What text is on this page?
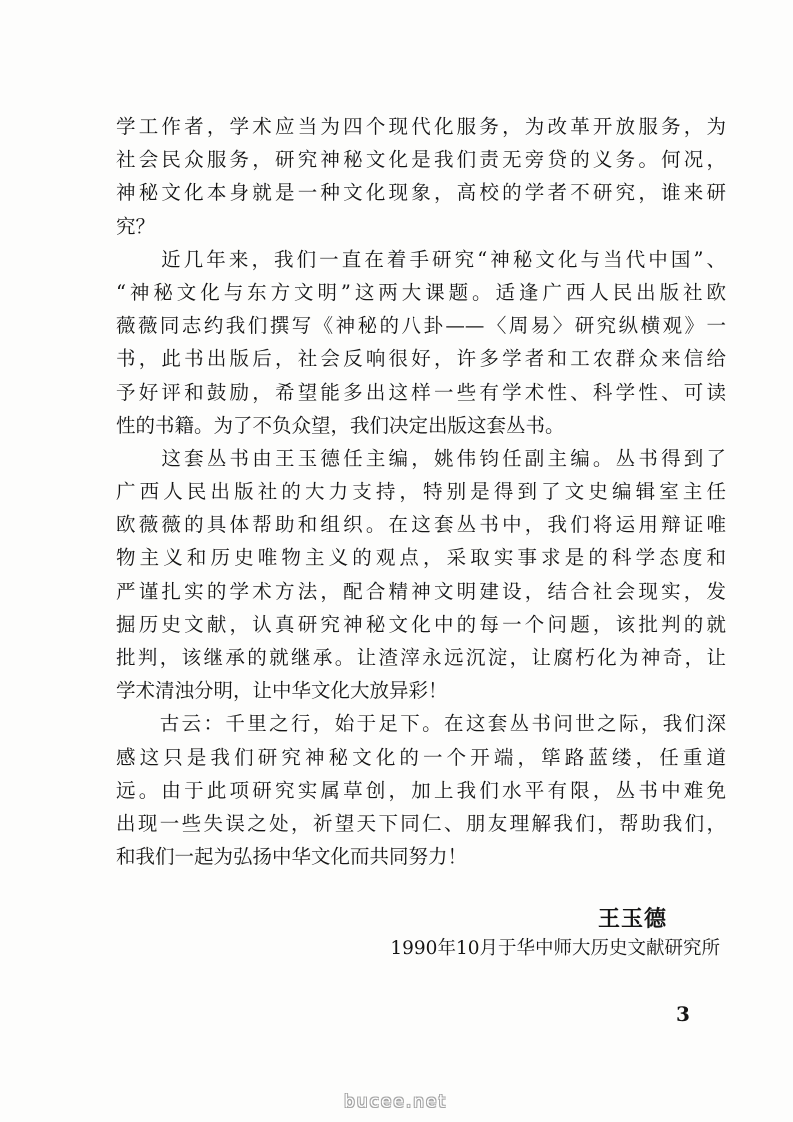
学工作者，学术应当为四个现代化服务，为改革开放服务，为
社会民众服务，研究神秘文化是我们责无旁贷的义务。何况，
神秘文化本身就是一种文化现象，高校的学者不研究，谁来研
究？
　　近几年来，我们一直在着手研究“神秘文化与当代中国”、
“神秘文化与东方文明”这两大课题。适逢广西人民出版社欧
薇薇同志约我们撰写《神秘的八卦——〈周易〉研究纵横观》一
书，此书出版后，社会反响很好，许多学者和工农群众来信给
予好评和鼓励，希望能多出这样一些有学术性、科学性、可读
性的书籍。为了不负众望，我们决定出版这套丛书。
　　这套丛书由王玉德任主编，姚伟钧任副主编。丛书得到了
广西人民出版社的大力支持，特别是得到了文史编辑室主任
欧薇薇的具体帮助和组织。在这套丛书中，我们将运用辩证唯
物主义和历史唯物主义的观点，采取实事求是的科学态度和
严谨扎实的学术方法，配合精神文明建设，结合社会现实，发
掘历史文献，认真研究神秘文化中的每一个问题，该批判的就
批判，该继承的就继承。让渣滓永远沉淀，让腐朽化为神奇，让
学术清浊分明，让中华文化大放异彩！
　　古云：千里之行，始于足下。在这套丛书问世之际，我们深
感这只是我们研究神秘文化的一个开端，筚路蓝缕，任重道
远。由于此项研究实属草创，加上我们水平有限，丛书中难免
出现一些失误之处，祈望天下同仁、朋友理解我们，帮助我们，
和我们一起为弘扬中华文化而共同努力！
王玉德
1990年10月于华中师大历史文献研究所
3
bucee.net
